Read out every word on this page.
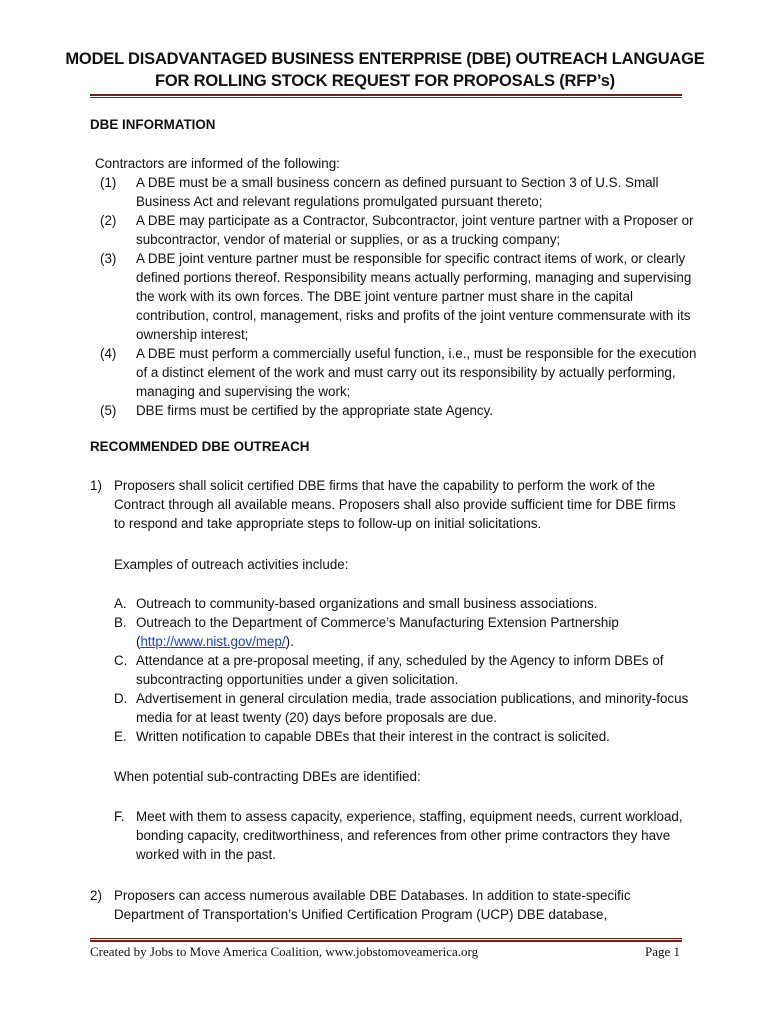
MODEL DISADVANTAGED BUSINESS ENTERPRISE (DBE) OUTREACH LANGUAGE
FOR ROLLING STOCK REQUEST FOR PROPOSALS (RFP’s)
DBE INFORMATION
Contractors are informed of the following:
(1) A DBE must be a small business concern as defined pursuant to Section 3 of U.S. Small Business Act and relevant regulations promulgated pursuant thereto;
(2) A DBE may participate as a Contractor, Subcontractor, joint venture partner with a Proposer or subcontractor, vendor of material or supplies, or as a trucking company;
(3) A DBE joint venture partner must be responsible for specific contract items of work, or clearly defined portions thereof. Responsibility means actually performing, managing and supervising the work with its own forces. The DBE joint venture partner must share in the capital contribution, control, management, risks and profits of the joint venture commensurate with its ownership interest;
(4) A DBE must perform a commercially useful function, i.e., must be responsible for the execution of a distinct element of the work and must carry out its responsibility by actually performing, managing and supervising the work;
(5) DBE firms must be certified by the appropriate state Agency.
RECOMMENDED DBE OUTREACH
1) Proposers shall solicit certified DBE firms that have the capability to perform the work of the Contract through all available means. Proposers shall also provide sufficient time for DBE firms to respond and take appropriate steps to follow-up on initial solicitations.
Examples of outreach activities include:
A. Outreach to community-based organizations and small business associations.
B. Outreach to the Department of Commerce’s Manufacturing Extension Partnership
(http://www.nist.gov/mep/).
C. Attendance at a pre-proposal meeting, if any, scheduled by the Agency to inform DBEs of subcontracting opportunities under a given solicitation.
D. Advertisement in general circulation media, trade association publications, and minority-focus media for at least twenty (20) days before proposals are due.
E. Written notification to capable DBEs that their interest in the contract is solicited.
When potential sub-contracting DBEs are identified:
F. Meet with them to assess capacity, experience, staffing, equipment needs, current workload, bonding capacity, creditworthiness, and references from other prime contractors they have worked with in the past.
2) Proposers can access numerous available DBE Databases. In addition to state-specific Department of Transportation’s Unified Certification Program (UCP) DBE database,
Created by Jobs to Move America Coalition, www.jobstomoveamerica.org	Page 1
